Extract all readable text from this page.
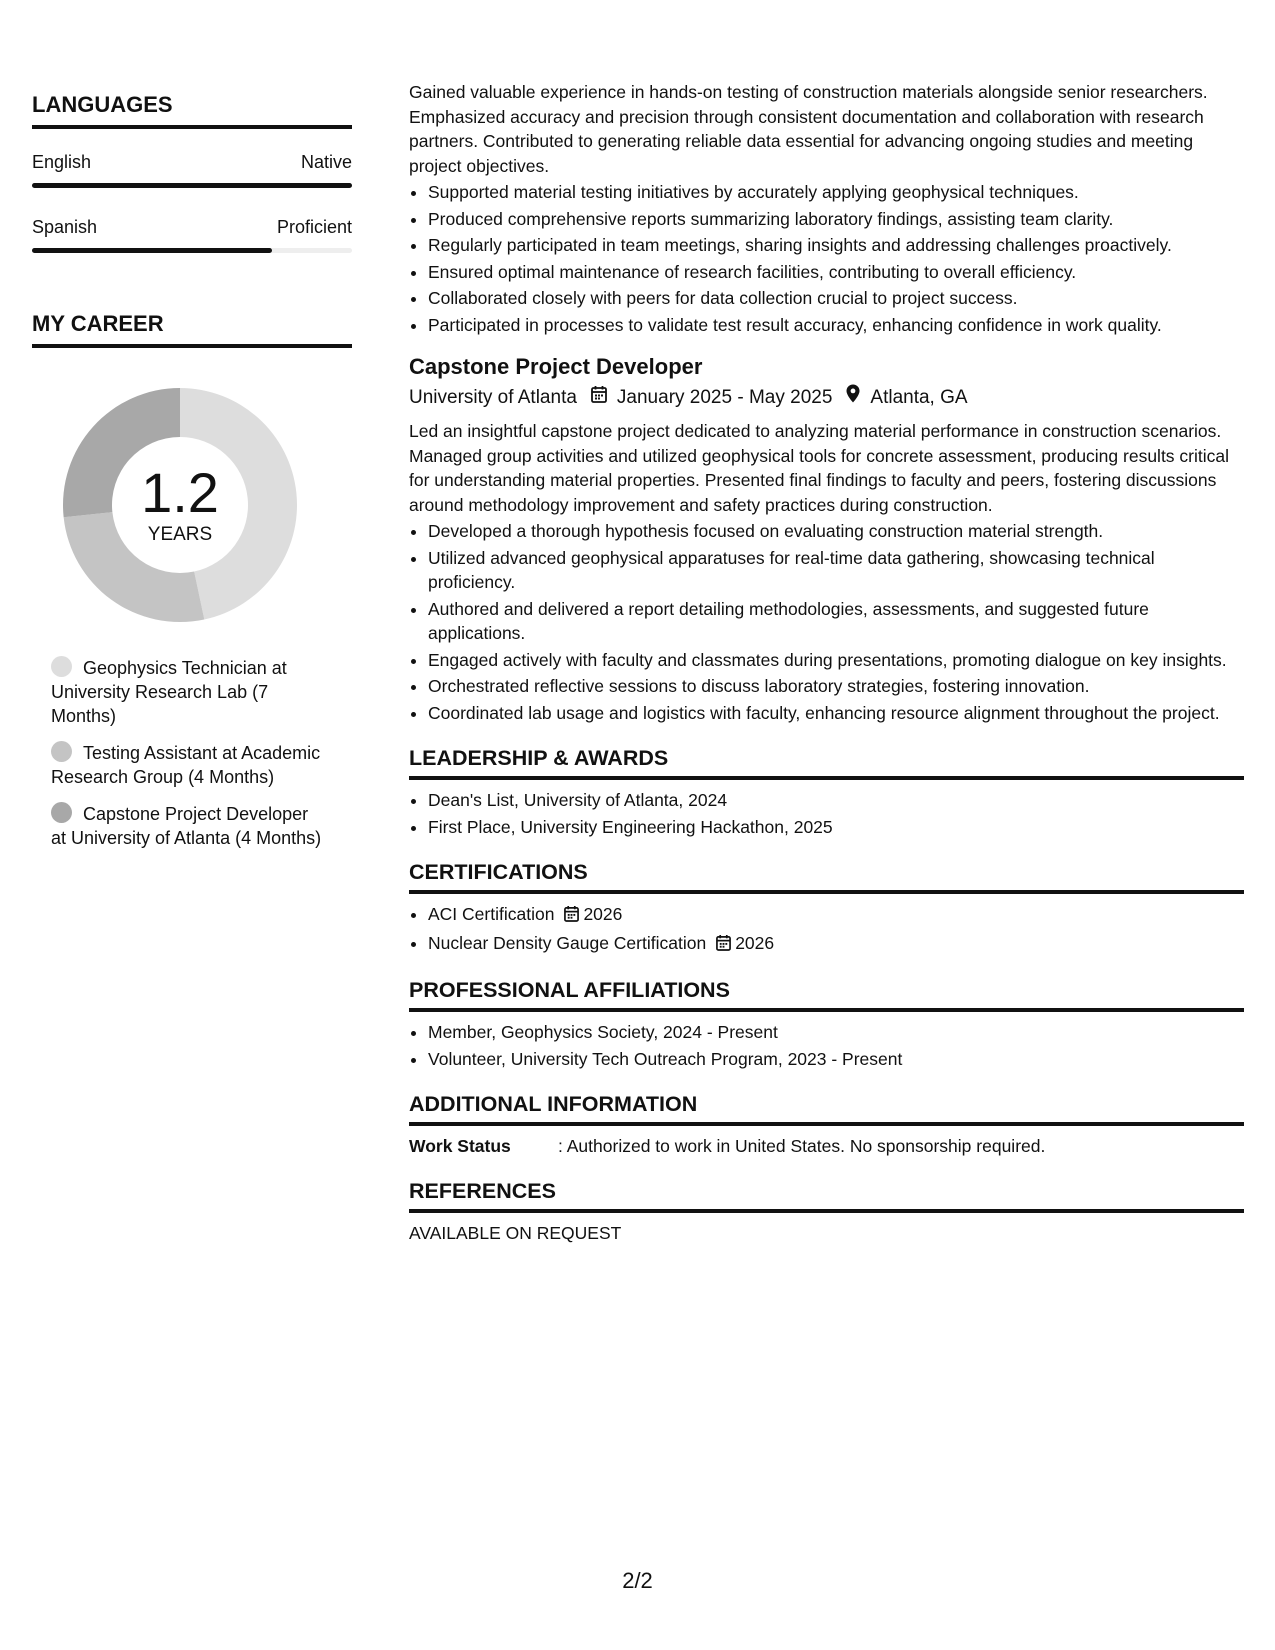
LANGUAGES
English	Native
Spanish	Proficient
MY CAREER
1.2
YEARS
Geophysics Technician at University Research Lab (7 Months)
Testing Assistant at Academic Research Group (4 Months)
Capstone Project Developer at University of Atlanta (4 Months)

Gained valuable experience in hands-on testing of construction materials alongside senior researchers. Emphasized accuracy and precision through consistent documentation and collaboration with research partners. Contributed to generating reliable data essential for advancing ongoing studies and meeting project objectives.

• Supported material testing initiatives by accurately applying geophysical techniques.
• Produced comprehensive reports summarizing laboratory findings, assisting team clarity.
• Regularly participated in team meetings, sharing insights and addressing challenges proactively.
• Ensured optimal maintenance of research facilities, contributing to overall efficiency.
• Collaborated closely with peers for data collection crucial to project success.
• Participated in processes to validate test result accuracy, enhancing confidence in work quality.
Capstone Project Developer
University of Atlanta January 2025 - May 2025 Atlanta, GA

Led an insightful capstone project dedicated to analyzing material performance in construction scenarios. Managed group activities and utilized geophysical tools for concrete assessment, producing results critical for understanding material properties. Presented final findings to faculty and peers, fostering discussions around methodology improvement and safety practices during construction.

• Developed a thorough hypothesis focused on evaluating construction material strength.
• Utilized advanced geophysical apparatuses for real-time data gathering, showcasing technical proficiency.
• Authored and delivered a report detailing methodologies, assessments, and suggested future applications.
• Engaged actively with faculty and classmates during presentations, promoting dialogue on key insights.
• Orchestrated reflective sessions to discuss laboratory strategies, fostering innovation.
• Coordinated lab usage and logistics with faculty, enhancing resource alignment throughout the project.
LEADERSHIP & AWARDS
• Dean's List, University of Atlanta, 2024
• First Place, University Engineering Hackathon, 2025
CERTIFICATIONS
• ACI Certification 2026
• Nuclear Density Gauge Certification 2026
PROFESSIONAL AFFILIATIONS
• Member, Geophysics Society, 2024 - Present
• Volunteer, University Tech Outreach Program, 2023 - Present
ADDITIONAL INFORMATION
Work Status	: Authorized to work in United States. No sponsorship required.
REFERENCES
AVAILABLE ON REQUEST
2/2
